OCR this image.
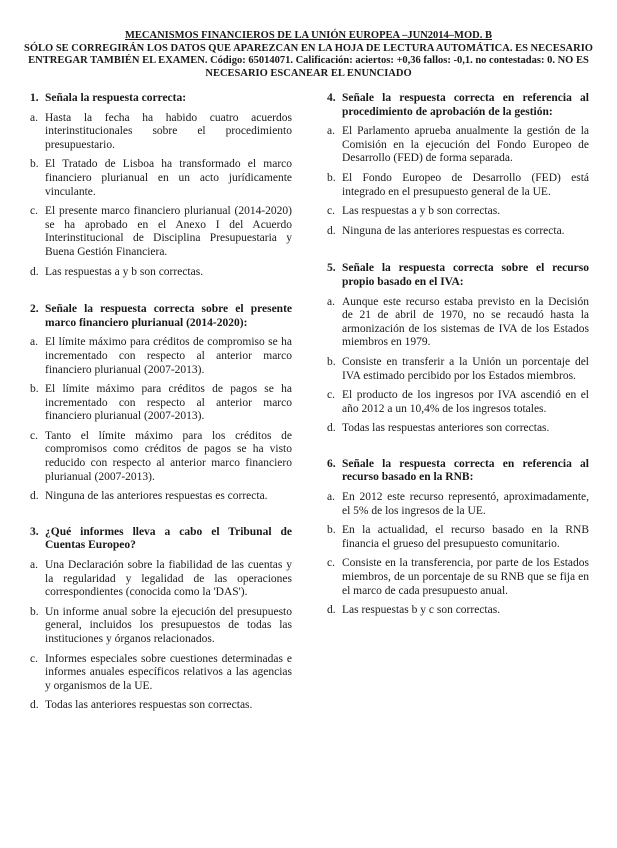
MECANISMOS FINANCIEROS DE LA UNIÓN EUROPEA –JUN2014–MOD. B
SÓLO SE CORREGIRÁN LOS DATOS QUE APAREZCAN EN LA HOJA DE LECTURA AUTOMÁTICA. ES NECESARIO ENTREGAR TAMBIÉN EL EXAMEN. Código: 65014071. Calificación: aciertos: +0,36 fallos: -0,1. no contestadas: 0. NO ES NECESARIO ESCANEAR EL ENUNCIADO
1. Señala la respuesta correcta:
a. Hasta la fecha ha habido cuatro acuerdos interinstitucionales sobre el procedimiento presupuestario.
b. El Tratado de Lisboa ha transformado el marco financiero plurianual en un acto jurídicamente vinculante.
c. El presente marco financiero plurianual (2014-2020) se ha aprobado en el Anexo I del Acuerdo Interinstitucional de Disciplina Presupuestaria y Buena Gestión Financiera.
d. Las respuestas a y b son correctas.
2. Señale la respuesta correcta sobre el presente marco financiero plurianual (2014-2020):
a. El límite máximo para créditos de compromiso se ha incrementado con respecto al anterior marco financiero plurianual (2007-2013).
b. El límite máximo para créditos de pagos se ha incrementado con respecto al anterior marco financiero plurianual (2007-2013).
c. Tanto el límite máximo para los créditos de compromisos como créditos de pagos se ha visto reducido con respecto al anterior marco financiero plurianual (2007-2013).
d. Ninguna de las anteriores respuestas es correcta.
3. ¿Qué informes lleva a cabo el Tribunal de Cuentas Europeo?
a. Una Declaración sobre la fiabilidad de las cuentas y la regularidad y legalidad de las operaciones correspondientes (conocida como la 'DAS').
b. Un informe anual sobre la ejecución del presupuesto general, incluidos los presupuestos de todas las instituciones y órganos relacionados.
c. Informes especiales sobre cuestiones determinadas e informes anuales específicos relativos a las agencias y organismos de la UE.
d. Todas las anteriores respuestas son correctas.
4. Señale la respuesta correcta en referencia al procedimiento de aprobación de la gestión:
a. El Parlamento aprueba anualmente la gestión de la Comisión en la ejecución del Fondo Europeo de Desarrollo (FED) de forma separada.
b. El Fondo Europeo de Desarrollo (FED) está integrado en el presupuesto general de la UE.
c. Las respuestas a y b son correctas.
d. Ninguna de las anteriores respuestas es correcta.
5. Señale la respuesta correcta sobre el recurso propio basado en el IVA:
a. Aunque este recurso estaba previsto en la Decisión de 21 de abril de 1970, no se recaudó hasta la armonización de los sistemas de IVA de los Estados miembros en 1979.
b. Consiste en transferir a la Unión un porcentaje del IVA estimado percibido por los Estados miembros.
c. El producto de los ingresos por IVA ascendió en el año 2012 a un 10,4% de los ingresos totales.
d. Todas las respuestas anteriores son correctas.
6. Señale la respuesta correcta en referencia al recurso basado en la RNB:
a. En 2012 este recurso representó, aproximadamente, el 5% de los ingresos de la UE.
b. En la actualidad, el recurso basado en la RNB financia el grueso del presupuesto comunitario.
c. Consiste en la transferencia, por parte de los Estados miembros, de un porcentaje de su RNB que se fija en el marco de cada presupuesto anual.
d. Las respuestas b y c son correctas.
